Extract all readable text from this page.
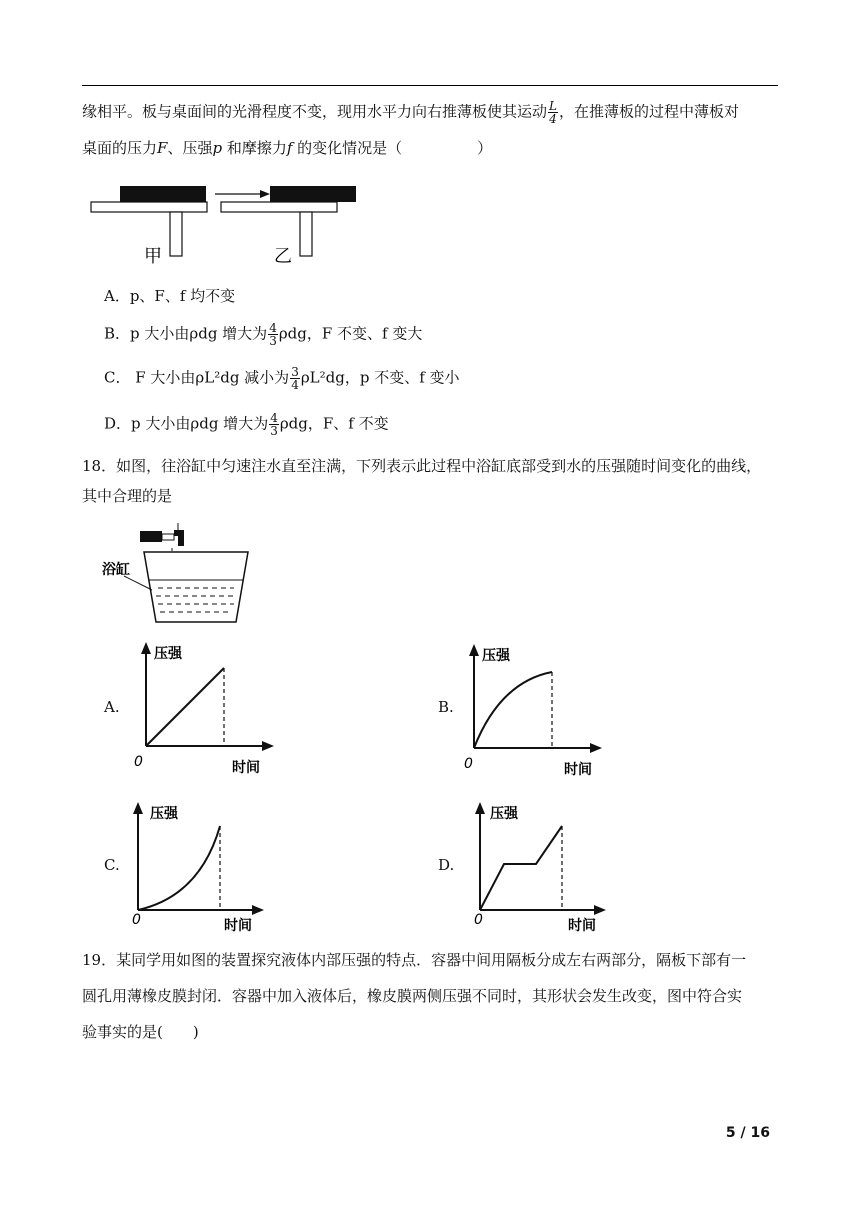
缘相平。板与桌面间的光滑程度不变，现用水平力向右推薄板使其运动 $\frac{L}{4}$ ，在推薄板的过程中薄板对
桌面的压力F、压强p 和摩擦力f 的变化情况是（　　　　　）
甲	乙
A．p、F、f 均不变
B．p 大小由ρdg 增大为 $\frac{4}{3}$ ρdg，F 不变、f 变大
C． F 大小由ρL²dg 减小为 $\frac{3}{4} \rho L^2dg$，p 不变、f 变小
D．p 大小由ρdg 增大为 $\frac{4}{3}$ ρdg，F、f 不变
18．如图，往浴缸中匀速注水直至注满，下列表示此过程中浴缸底部受到水的压强随时间变化的曲线，
其中合理的是
浴缸
A.	B.
C.	D.
压强
时间
0
压强
时间
0
压强
时间
0
压强
时间
0
19．某同学用如图的装置探究液体内部压强的特点．容器中间用隔板分成左右两部分，隔板下部有一
圆孔用薄橡皮膜封闭．容器中加入液体后，橡皮膜两侧压强不同时，其形状会发生改变，图中符合实
验事实的是(　　)
5 / 16
